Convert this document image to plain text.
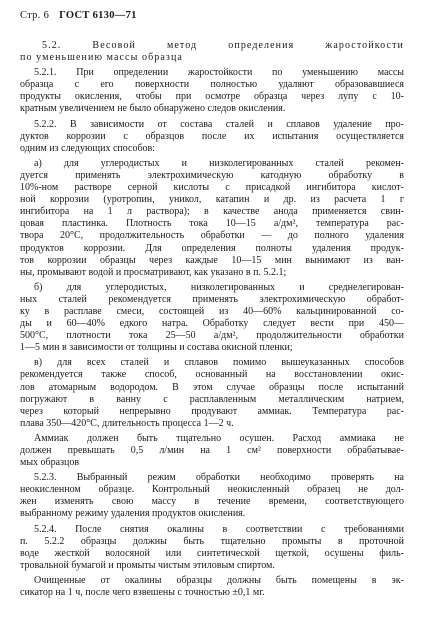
Стр. 6 ГОСТ 6130—71
5.2. Весовой метод определения жаростойкости
по уменьшению массы образца
5.2.1. При определении жаростойкости по уменьшению массы
образца с его поверхности полностью удаляют образовавшиеся
продукты окисления, чтобы при осмотре образца через лупу с 10-
кратным увеличением не было обнаружено следов окисления.
5.2.2. В зависимости от состава сталей и сплавов удаление про-
дуктов коррозии с образцов после их испытания осуществляется
одним из следующих способов:
а) для углеродистых и низколегированных сталей рекомен-
дуется применять электрохимическую катодную обработку в
10%-ном растворе серной кислоты с присадкой ингибитора кислот-
ной коррозии (уротропин, уникол, катапин и др. из расчета 1 г
ингибитора на 1 л раствора); в качестве анода применяется свин-
цовая пластинка. Плотность тока 10—15 а/дм², температура рас-
твора 20°С, продолжительность обработки — до полного удаления
продуктов коррозии. Для определения полноты удаления продук-
тов коррозии образцы через каждые 10—15 мин вынимают из ван-
ны, промывают водой и просматривают, как указано в п. 5.2.1;
б) для углеродистых, низколегированных и среднелегирован-
ных сталей рекомендуется применять электрохимическую обработ-
ку в расплаве смеси, состоящей из 40—60% кальцинированной со-
ды и 60—40% едкого натра. Обработку следует вести при 450—
500°С, плотности тока 25—50 а/дм², продолжительности обработки
1—5 мин в зависимости от толщины и состава окисной пленки;
в) для всех сталей и сплавов помимо вышеуказанных способов
рекомендуется также способ, основанный на восстановлении окис-
лов атомарным водородом. В этом случае образцы после испытаний
погружают в ванну с расплавленным металлическим натрием,
через который непрерывно продувают аммиак. Температура рас-
плава 350—420°С, длительность процесса 1—2 ч.
Аммиак должен быть тщательно осушен. Расход аммиака не
должен превышать 0,5 л/мин на 1 см² поверхности обрабатывае-
мых образцов
5.2.3. Выбранный режим обработки необходимо проверять на
неокисленном образце. Контрольный неокисленный образец не дол-
жен изменять свою массу в течение времени, соответствующего
выбранному режиму удаления продуктов окисления.
5.2.4. После снятия окалины в соответствии с требованиями
п. 5.2.2 образцы должны быть тщательно промыты в проточной
воде жесткой волосяной или синтетической щеткой, осушены филь-
тровальной бумагой и промыты чистым этиловым спиртом.
Очищенные от окалины образцы должны быть помещены в эк-
сикатор на 1 ч, после чего взвешены с точностью ±0,1 мг.
